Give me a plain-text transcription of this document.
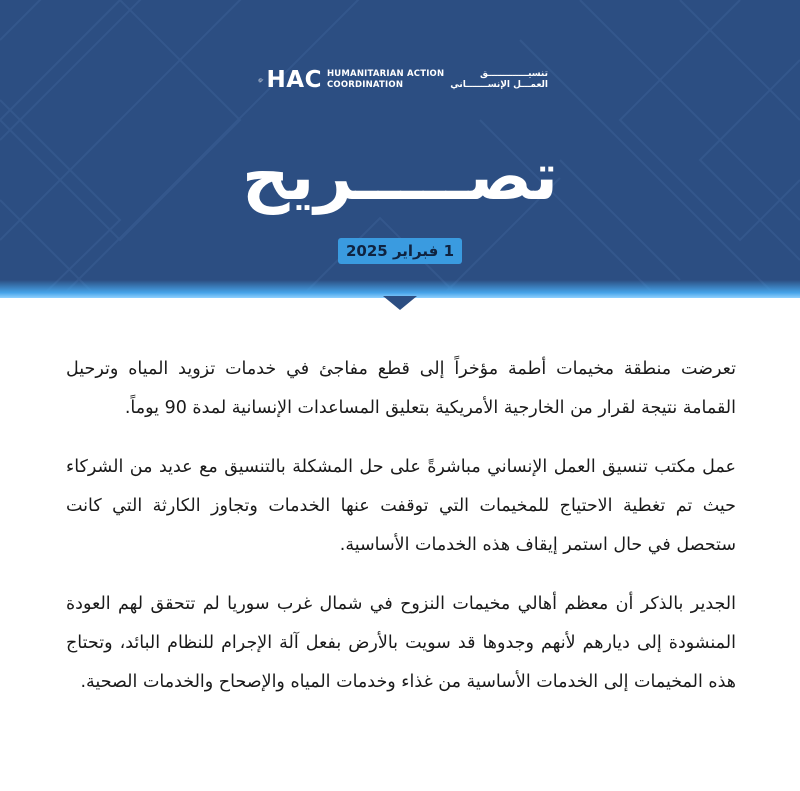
HAC HUMANITARIAN ACTION
COORDINATION
تنسيـــــــــــــق
العمـــل الإنســـــــاني
تصـــــريح
1 فبراير 2025

تعرضت منطقة مخيمات أطمة مؤخراً إلى قطع مفاجئ في خدمات تزويد المياه وترحيل القمامة نتيجة لقرار من الخارجية الأمريكية بتعليق المساعدات الإنسانية لمدة 90 يوماً.

عمل مكتب تنسيق العمل الإنساني مباشرةً على حل المشكلة بالتنسيق مع عديد من الشركاء حيث تم تغطية الاحتياج للمخيمات التي توقفت عنها الخدمات وتجاوز الكارثة التي كانت ستحصل في حال استمر إيقاف هذه الخدمات الأساسية.

الجدير بالذكر أن معظم أهالي مخيمات النزوح في شمال غرب سوريا لم تتحقق لهم العودة المنشودة إلى ديارهم لأنهم وجدوها قد سويت بالأرض بفعل آلة الإجرام للنظام البائد، وتحتاج هذه المخيمات إلى الخدمات الأساسية من غذاء وخدمات المياه والإصحاح والخدمات الصحية.
